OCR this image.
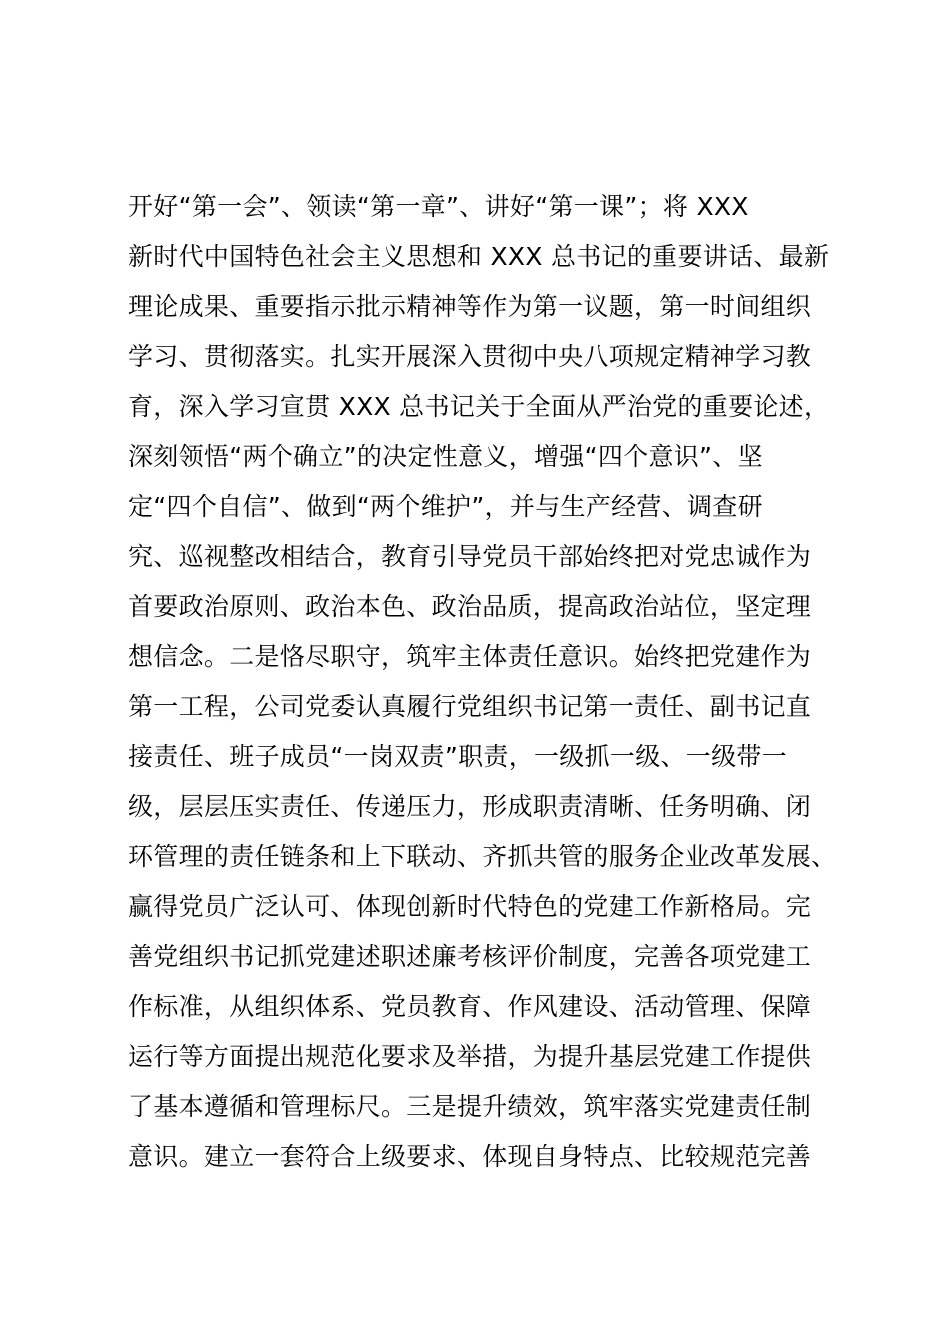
开好“第一会”、领读“第一章”、讲好“第一课”；将 XXX
新时代中国特色社会主义思想和 XXX 总书记的重要讲话、最新
理论成果、重要指示批示精神等作为第一议题，第一时间组织
学习、贯彻落实。扎实开展深入贯彻中央八项规定精神学习教
育，深入学习宣贯 XXX 总书记关于全面从严治党的重要论述，
深刻领悟“两个确立”的决定性意义，增强“四个意识”、坚
定“四个自信”、做到“两个维护”，并与生产经营、调查研
究、巡视整改相结合，教育引导党员干部始终把对党忠诚作为
首要政治原则、政治本色、政治品质，提高政治站位，坚定理
想信念。二是恪尽职守，筑牢主体责任意识。始终把党建作为
第一工程，公司党委认真履行党组织书记第一责任、副书记直
接责任、班子成员“一岗双责”职责，一级抓一级、一级带一
级，层层压实责任、传递压力，形成职责清晰、任务明确、闭
环管理的责任链条和上下联动、齐抓共管的服务企业改革发展、
赢得党员广泛认可、体现创新时代特色的党建工作新格局。完
善党组织书记抓党建述职述廉考核评价制度，完善各项党建工
作标准，从组织体系、党员教育、作风建设、活动管理、保障
运行等方面提出规范化要求及举措，为提升基层党建工作提供
了基本遵循和管理标尺。三是提升绩效，筑牢落实党建责任制
意识。建立一套符合上级要求、体现自身特点、比较规范完善
